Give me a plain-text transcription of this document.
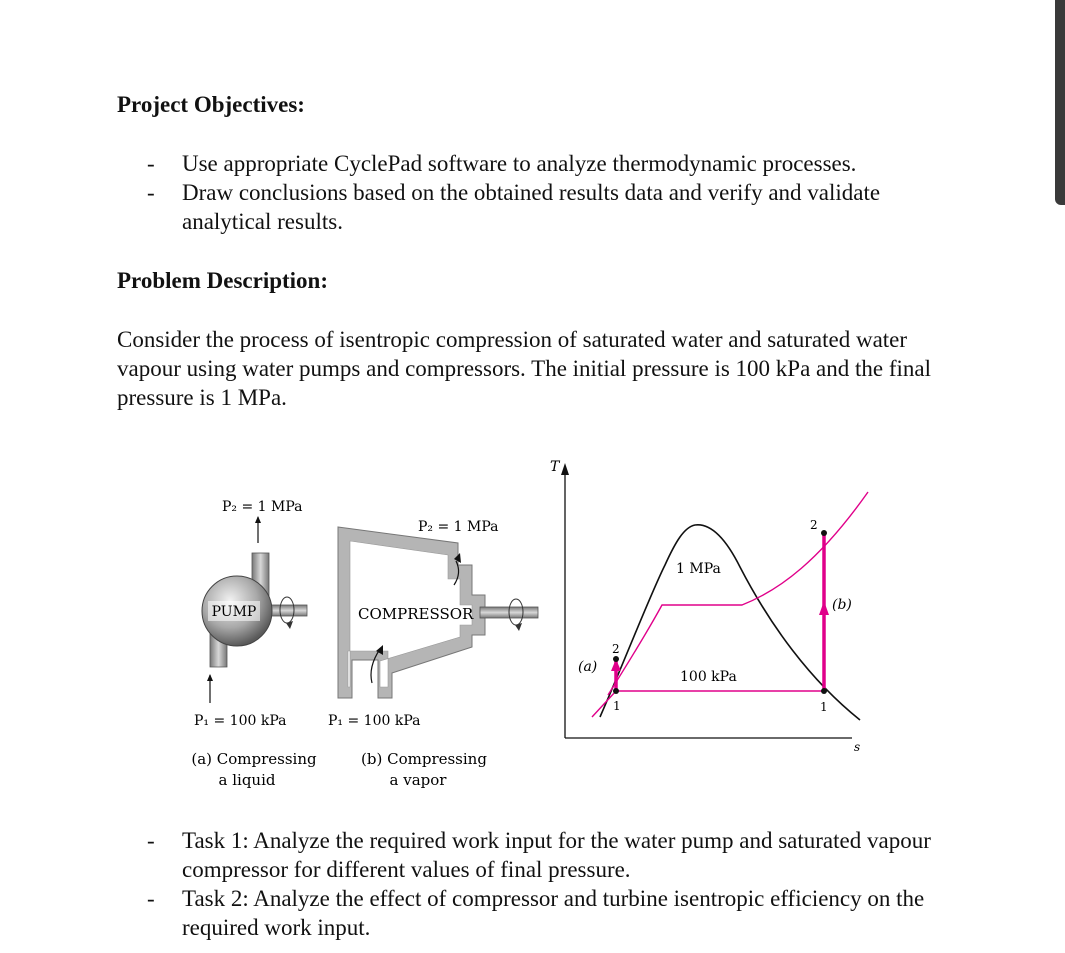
Project Objectives:
- Use appropriate CyclePad software to analyze thermodynamic processes.
- Draw conclusions based on the obtained results data and verify and validate analytical results.
Problem Description:

Consider the process of isentropic compression of saturated water and saturated water vapour using water pumps and compressors. The initial pressure is 100 kPa and the final pressure is 1 MPa.

P₂ = 1 MPa
PUMP
P₁ = 100 kPa
(a) Compressing
a liquid
P₂ = 1 MPa
COMPRESSOR
P₁ = 100 kPa
(b) Compressing
a vapor
T
s
1
2
(a)
1
2
(b)
1 MPa
100 kPa
- Task 1: Analyze the required work input for the water pump and saturated vapour compressor for different values of final pressure.
- Task 2: Analyze the effect of compressor and turbine isentropic efficiency on the required work input.
